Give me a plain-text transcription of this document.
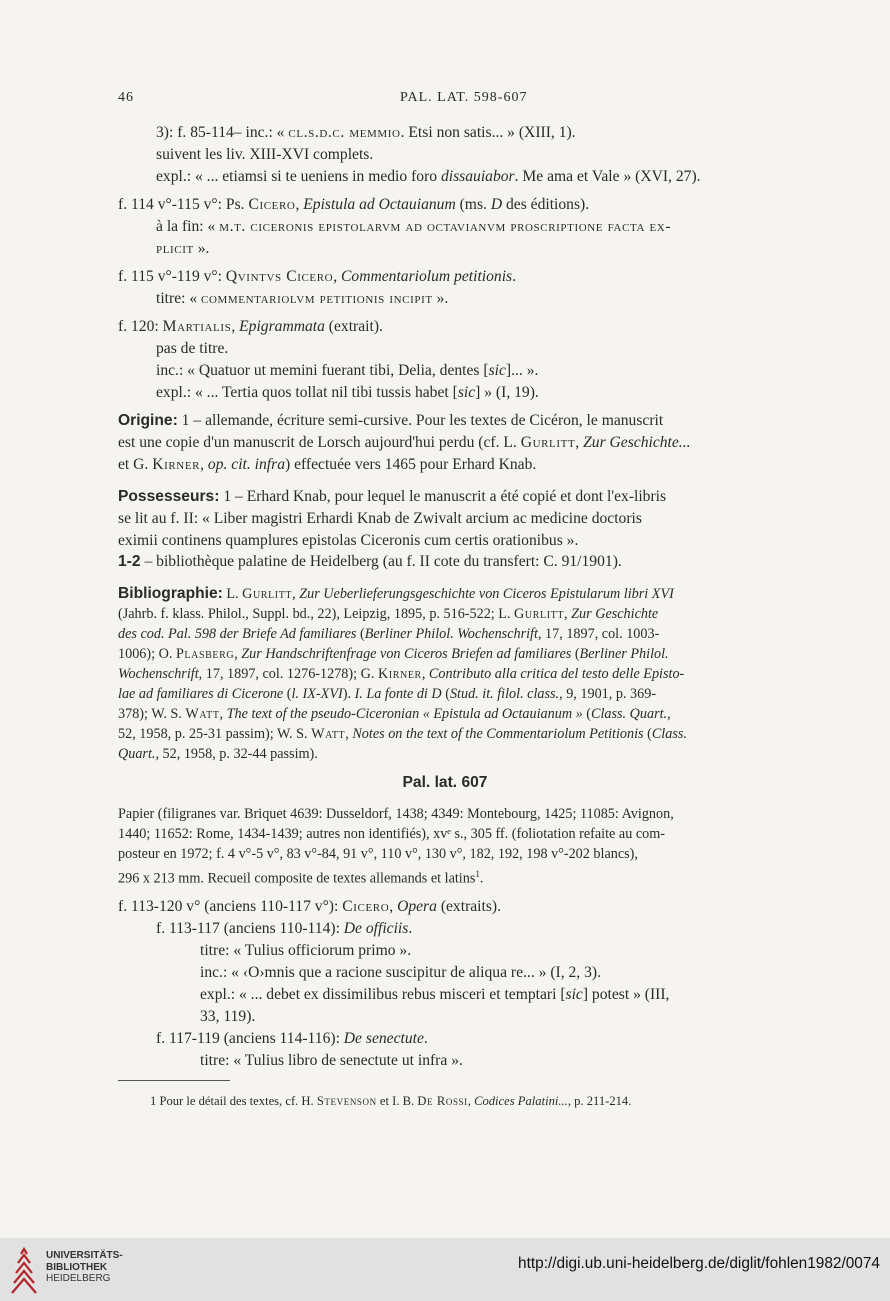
46	PAL. LAT. 598-607
3): f. 85-114– inc.: « cl.s.d.c. memmio. Etsi non satis... » (XIII, 1).
suivent les liv. XIII-XVI complets.
expl.: « ... etiamsi si te ueniens in medio foro dissauiabor. Me ama et Vale » (XVI, 27).
f. 114 v°-115 v°: Ps. Cicero, Epistula ad Octauianum (ms. D des éditions).
à la fin: « m.t. ciceronis epistolarvm ad octavianvm proscriptione facta ex-
plicit ».
f. 115 v°-119 v°: Qvintvs Cicero, Commentariolum petitionis.
titre: « commentariolvm petitionis incipit ».
f. 120: Martialis, Epigrammata (extrait).
pas de titre.
inc.: « Quatuor ut memini fuerant tibi, Delia, dentes [sic]... ».
expl.: « ... Tertia quos tollat nil tibi tussis habet [sic] » (I, 19).
Origine: 1 – allemande, écriture semi-cursive. Pour les textes de Cicéron, le manuscrit
est une copie d'un manuscrit de Lorsch aujourd'hui perdu (cf. L. Gurlitt, Zur Geschichte...
et G. Kirner, op. cit. infra) effectuée vers 1465 pour Erhard Knab.
Possesseurs: 1 – Erhard Knab, pour lequel le manuscrit a été copié et dont l'ex-libris
se lit au f. II: « Liber magistri Erhardi Knab de Zwivalt arcium ac medicine doctoris
eximii continens quamplures epistolas Ciceronis cum certis orationibus ».
1-2 – bibliothèque palatine de Heidelberg (au f. II cote du transfert: C. 91/1901).
Bibliographie: L. Gurlitt, Zur Ueberlieferungsgeschichte von Ciceros Epistularum libri XVI
(Jahrb. f. klass. Philol., Suppl. bd., 22), Leipzig, 1895, p. 516-522; L. Gurlitt, Zur Geschichte
des cod. Pal. 598 der Briefe Ad familiares (Berliner Philol. Wochenschrift, 17, 1897, col. 1003-
1006); O. Plasberg, Zur Handschriftenfrage von Ciceros Briefen ad familiares (Berliner Philol.
Wochenschrift, 17, 1897, col. 1276-1278); G. Kirner, Contributo alla critica del testo delle Episto-
lae ad familiares di Cicerone (l. IX-XVI). I. La fonte di D (Stud. it. filol. class., 9, 1901, p. 369-
378); W. S. Watt, The text of the pseudo-Ciceronian « Epistula ad Octauianum » (Class. Quart.,
52, 1958, p. 25-31 passim); W. S. Watt, Notes on the text of the Commentariolum Petitionis (Class.
Quart., 52, 1958, p. 32-44 passim).
Pal. lat. 607
Papier (filigranes var. Briquet 4639: Dusseldorf, 1438; 4349: Montebourg, 1425; 11085: Avignon,
1440; 11652: Rome, 1434-1439; autres non identifiés), xvᵉ s., 305 ff. (foliotation refaite au com-
posteur en 1972; f. 4 v°-5 v°, 83 v°-84, 91 v°, 110 v°, 130 v°, 182, 192, 198 v°-202 blancs),
296 x 213 mm. Recueil composite de textes allemands et latins$^1$.
f. 113-120 v° (anciens 110-117 v°): Cicero, Opera (extraits).
f. 113-117 (anciens 110-114): De officiis.
titre: « Tulius officiorum primo ».
inc.: « ‹O›mnis que a racione suscipitur de aliqua re... » (I, 2, 3).
expl.: « ... debet ex dissimilibus rebus misceri et temptari [sic] potest » (III,
33, 119).
f. 117-119 (anciens 114-116): De senectute.
titre: « Tulius libro de senectute ut infra ».
1 Pour le détail des textes, cf. H. Stevenson et I. B. De Rossi, Codices Palatini..., p. 211-214.
UNIVERSITÄTS-
BIBLIOTHEK
HEIDELBERG
http://digi.ub.uni-heidelberg.de/diglit/fohlen1982/0074
